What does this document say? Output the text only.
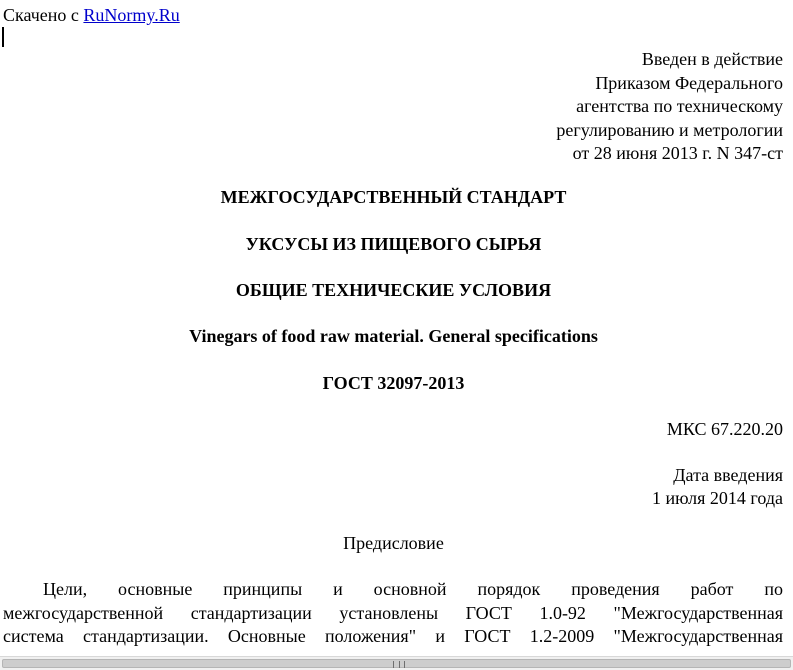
Скачено с RuNormy.Ru
Введен в действие
Приказом Федерального
агентства по техническому
регулированию и метрологии
от 28 июня 2013 г. N 347-ст
МЕЖГОСУДАРСТВЕННЫЙ СТАНДАРТ
УКСУСЫ ИЗ ПИЩЕВОГО СЫРЬЯ
ОБЩИЕ ТЕХНИЧЕСКИЕ УСЛОВИЯ
Vinegars of food raw material. General specifications
ГОСТ 32097-2013
МКС 67.220.20
Дата введения
1 июля 2014 года
Предисловие
Цели, основные принципы и основной порядок проведения работ по
межгосударственной стандартизации установлены ГОСТ 1.0-92 "Межгосударственная
система стандартизации. Основные положения" и ГОСТ 1.2-2009 "Межгосударственная
